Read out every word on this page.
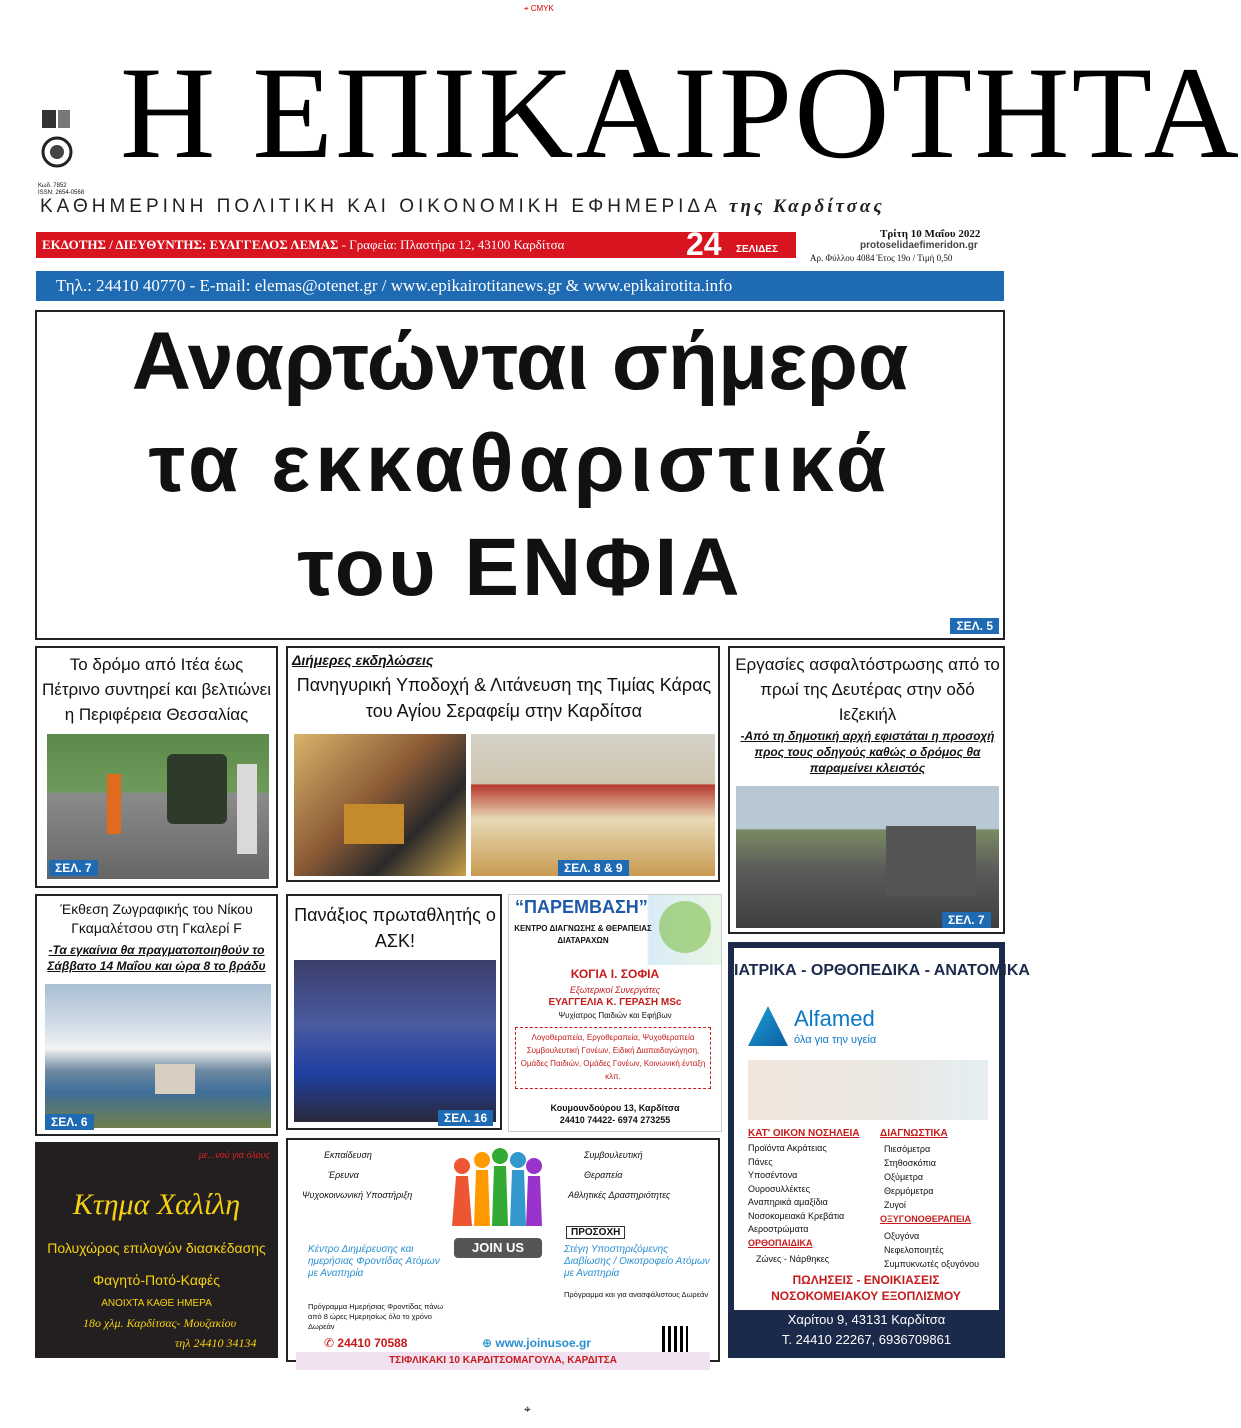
⌖ CMYK
⌖
Κωδ. 7852
ISSN: 2654-0568
Η ΕΠΙΚΑΙΡΟΤΗΤΑ
ΚΑΘΗΜΕΡΙΝΗ ΠΟΛΙΤΙΚΗ ΚΑΙ ΟΙΚΟΝΟΜΙΚΗ ΕΦΗΜΕΡΙΔΑ της Καρδίτσας
ΕΚΔΟΤΗΣ / ΔΙΕΥΘΥΝΤΗΣ: ΕΥΑΓΓΕΛΟΣ ΛΕΜΑΣ - Γραφεία: Πλαστήρα 12, 43100 Καρδίτσα	24 ΣΕΛΙΔΕΣ
Τρίτη 10 Μαΐου 2022
protoselidaefimeridon.gr
Αρ. Φύλλου 4084 Έτος 19ο / Τιμή 0,50
Τηλ.: 24410 40770 - E-mail: elemas@otenet.gr / www.epikairotitanews.gr & www.epikairotita.info
Αναρτώνται σήμερα
τα εκκαθαριστικά
του ΕΝΦΙΑ
ΣΕΛ. 5
Το δρόμο από Ιτέα έως Πέτρινο συντηρεί και βελτιώνει η Περιφέρεια Θεσσαλίας
ΣΕΛ. 7
Διήμερες εκδηλώσεις
Πανηγυρική Υποδοχή & Λιτάνευση της Τιμίας Κάρας του Αγίου Σεραφείμ στην Καρδίτσα
ΣΕΛ. 8 & 9
Εργασίες ασφαλτόστρωσης από το πρωί της Δευτέρας στην οδό Ιεζεκιήλ
-Από τη δημοτική αρχή εφιστάται η προσοχή προς τους οδηγούς καθώς ο δρόμος θα παραμείνει κλειστός
ΣΕΛ. 7
Έκθεση Ζωγραφικής του Νίκου Γκαμαλέτσου στη Γκαλερί F
-Τα εγκαίνια θα πραγματοποιηθούν το Σάββατο 14 Μαΐου και ώρα 8 το βράδυ
ΣΕΛ. 6
Πανάξιος πρωταθλητής ο ΑΣΚ!
ΣΕΛ. 16
“ΠΑΡΕΜΒΑΣΗ”
ΚΕΝΤΡΟ ΔΙΑΓΝΩΣΗΣ & ΘΕΡΑΠΕΙΑΣ ΔΙΑΤΑΡΑΧΩΝ
ΚΟΓΙΑ Ι. ΣΟΦΙΑ
Εξωτερικοί Συνεργάτες
ΕΥΑΓΓΕΛΙΑ Κ. ΓΕΡΑΣΗ MSc
Ψυχίατρος Παιδιών και Εφήβων
Λογοθεραπεία, Εργοθεραπεία, Ψυχοθεραπεία Συμβουλευτική Γονέων, Ειδική Διαπαιδαγώγηση, Ομάδες Παιδιών, Ομάδες Γονέων, Κοινωνική ένταξη κλπ.
Κουμουνδούρου 13, Καρδίτσα
24410 74422- 6974 273255
ΙΑΤΡΙΚΑ - ΟΡΘΟΠΕΔΙΚΑ - ΑΝΑΤΟΜΙΚΑ
Alfamed
όλα για την υγεία
ΚΑΤ' ΟΙΚΟΝ ΝΟΣΗΛΕΙΑ
Προϊόντα Ακράτειας
Πάνες
Υποσέντονα
Ουροσυλλέκτες
Αναπηρικά αμαξίδια
Νοσοκομειακά Κρεβάτια
Αεροστρώματα
ΟΡΘΟΠΑΙΔΙΚΑ
Ζώνες - Νάρθηκες
ΔΙΑΓΝΩΣΤΙΚΑ
Πιεσόμετρα
Στηθοσκόπια
Οξύμετρα
Θερμόμετρα
Ζυγοί
ΟΞΥΓΟΝΟΘΕΡΑΠΕΙΑ
Οξυγόνα
Νεφελοποιητές
Συμπυκνωτές οξυγόνου
ΠΩΛΗΣΕΙΣ - ΕΝΟΙΚΙΑΣΕΙΣ ΝΟΣΟΚΟΜΕΙΑΚΟΥ ΕΞΟΠΛΙΣΜΟΥ
Χαρίτου 9, 43131 Καρδίτσα
Τ. 24410 22267, 6936709861
με...νού για όλους
Κτημα Χαλίλη
Πολυχώρος επιλογών διασκέδασης
Φαγητό-Ποτό-Καφές
ΑΝΟΙΧΤΑ ΚΑΘΕ ΗΜΕΡΑ
18ο χλμ. Καρδίτσας- Μουζακίου
τηλ 24410 34134
Εκπαίδευση
Έρευνα
Ψυχοκοινωνική Υποστήριξη
Συμβουλευτική
Θεραπεία
Αθλητικές Δραστηριότητες
JOIN US
ΠΡΟΣΟΧΗ
Κέντρο Διημέρευσης και ημερήσιας Φροντίδας Ατόμων με Αναπηρία
Πρόγραμμα Ημερήσιας Φροντίδας πάνω από 8 ώρες Ημερησίως όλο το χρόνο Δωρεάν
Στέγη Υποστηριζόμενης Διαβίωσης / Οικοτροφείο Ατόμων με Αναπηρία
Πρόγραμμα και για ανασφάλιστους Δωρεάν
✆ 24410 70588	⊕ www.joinusoe.gr
ΤΣΙΦΛΙΚΑΚΙ 10 ΚΑΡΔΙΤΣΟΜΑΓΟΥΛΑ, ΚΑΡΔΙΤΣΑ
